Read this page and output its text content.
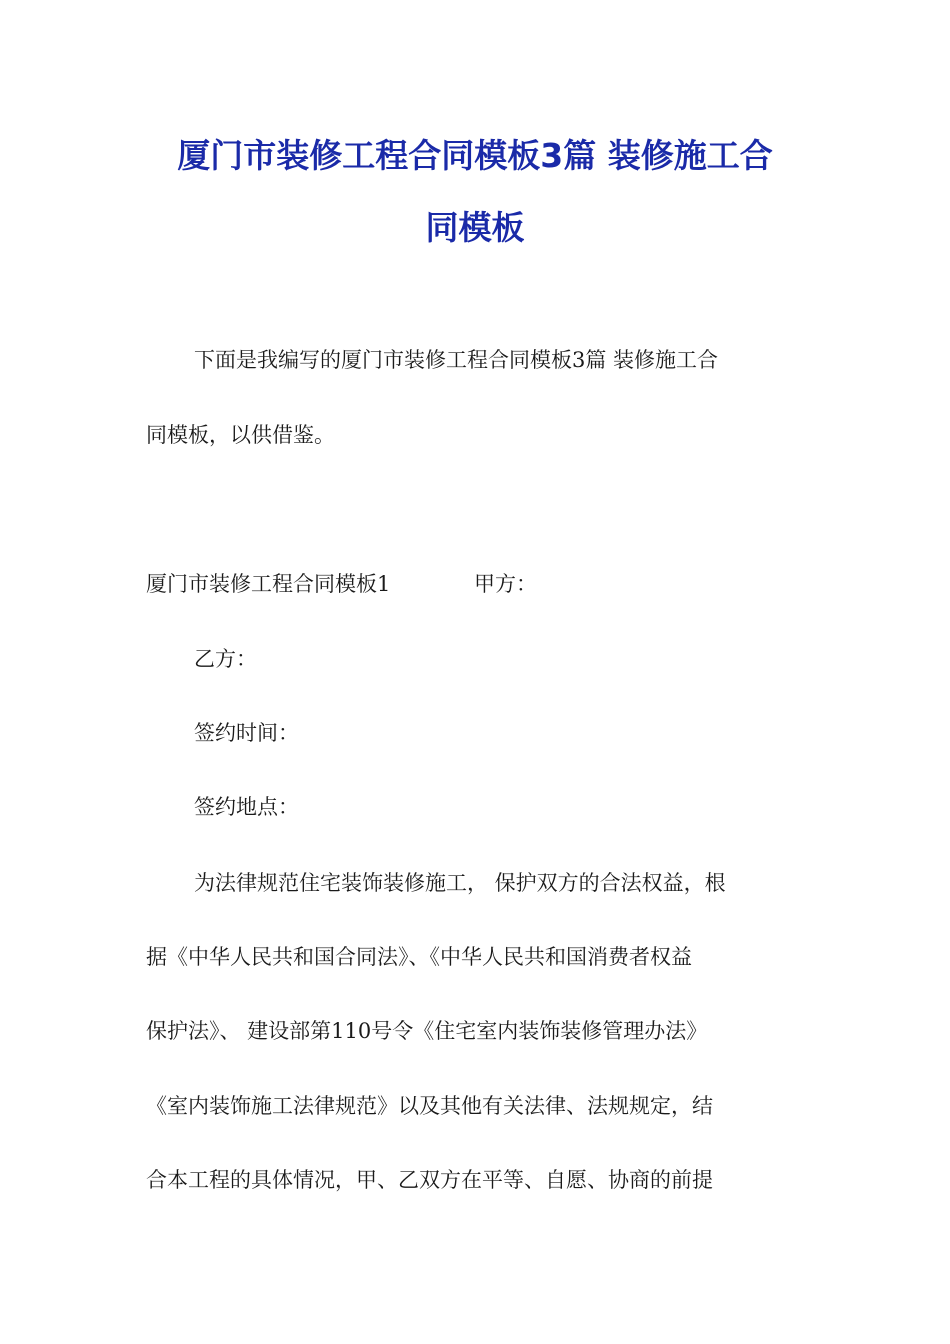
厦门市装修工程合同模板3篇 装修施工合
同模板
下面是我编写的厦门市装修工程合同模板3篇 装修施工合
同模板，以供借鉴。
厦门市装修工程合同模板1	甲方：
乙方：
签约时间：
签约地点：
为法律规范住宅装饰装修施工， 保护双方的合法权益，根
据《中华人民共和国合同法》、《中华人民共和国消费者权益
保护法》、 建设部第110号令《住宅室内装饰装修管理办法》
《室内装饰施工法律规范》以及其他有关法律、法规规定，结
合本工程的具体情况，甲、乙双方在平等、自愿、协商的前提
